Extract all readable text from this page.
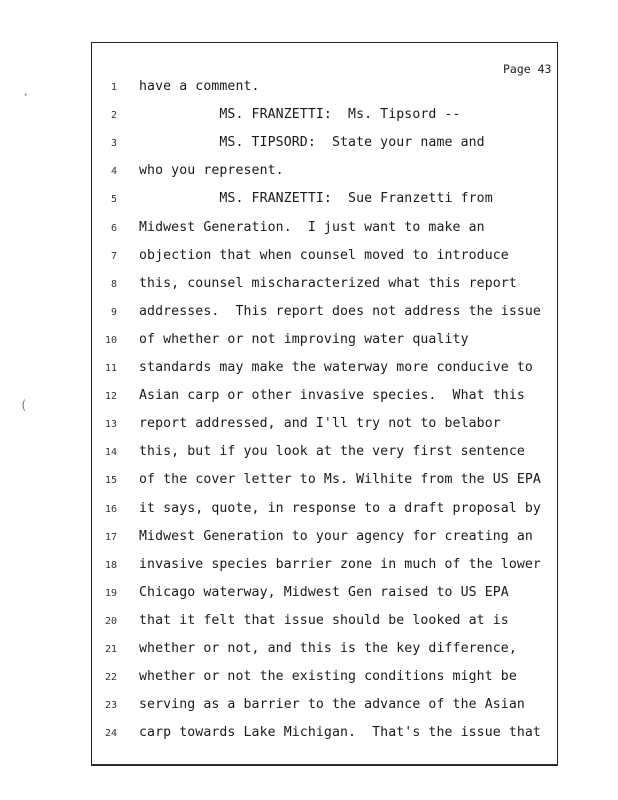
·
(
Page 43
1 have a comment.
2 MS. FRANZETTI:  Ms. Tipsord --
3 MS. TIPSORD:  State your name and
4 who you represent.
5 MS. FRANZETTI:  Sue Franzetti from
6 Midwest Generation.  I just want to make an
7 objection that when counsel moved to introduce
8 this, counsel mischaracterized what this report
9 addresses.  This report does not address the issue
10 of whether or not improving water quality
11 standards may make the waterway more conducive to
12 Asian carp or other invasive species.  What this
13 report addressed, and I'll try not to belabor
14 this, but if you look at the very first sentence
15 of the cover letter to Ms. Wilhite from the US EPA
16 it says, quote, in response to a draft proposal by
17 Midwest Generation to your agency for creating an
18 invasive species barrier zone in much of the lower
19 Chicago waterway, Midwest Gen raised to US EPA
20 that it felt that issue should be looked at is
21 whether or not, and this is the key difference,
22 whether or not the existing conditions might be
23 serving as a barrier to the advance of the Asian
24 carp towards Lake Michigan.  That's the issue that
